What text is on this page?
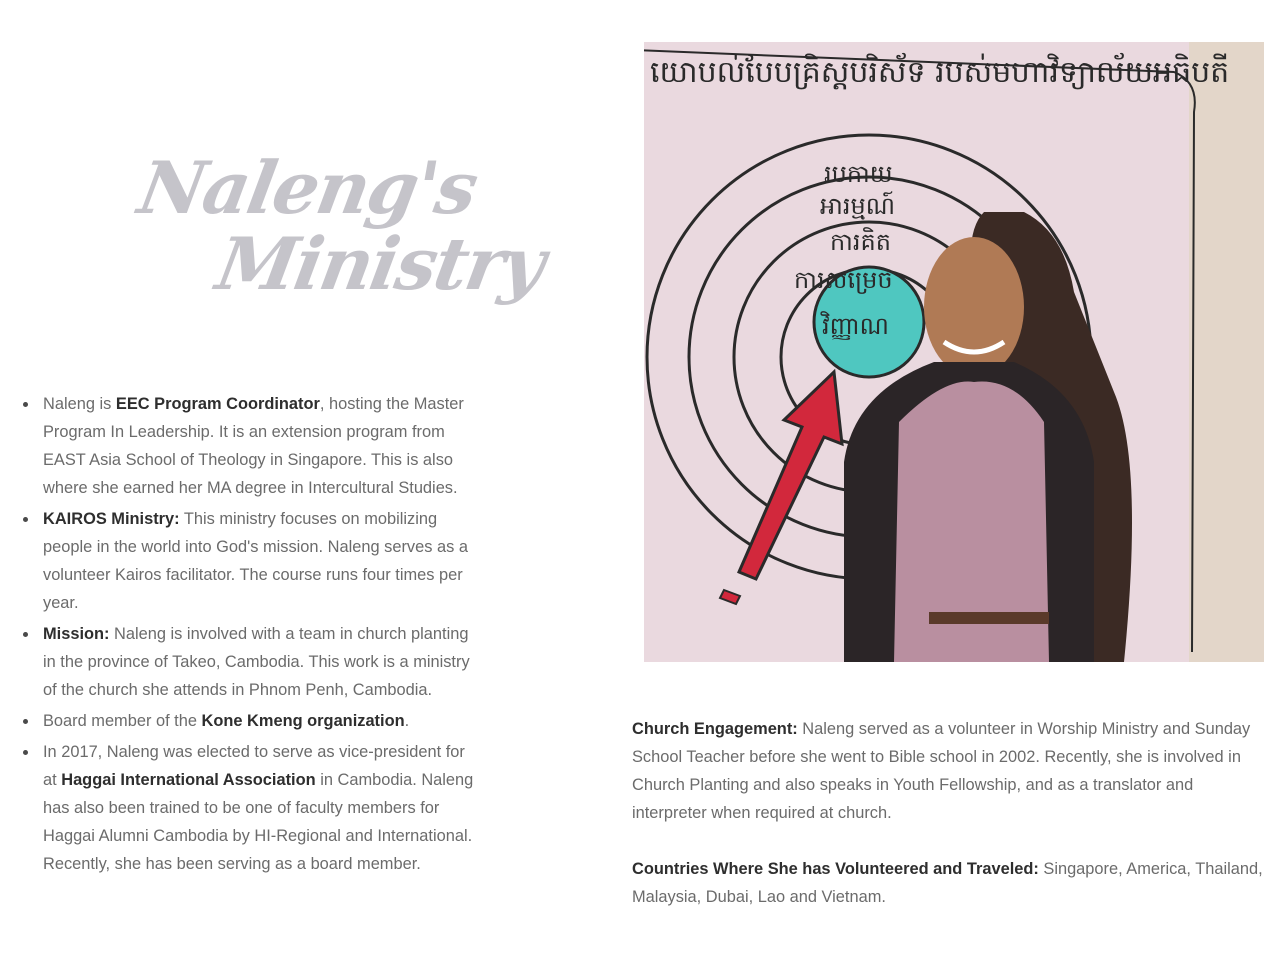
Naleng's
Ministry
Naleng is EEC Program Coordinator, hosting the Master Program In Leadership. It is an extension program from EAST Asia School of Theology in Singapore. This is also where she earned her MA degree in Intercultural Studies.
KAIROS Ministry: This ministry focuses on mobilizing people in the world into God's mission. Naleng serves as a volunteer Kairos facilitator. The course runs four times per year.
Mission: Naleng is involved with a team in church planting in the province of Takeo, Cambodia. This work is a ministry of the church she attends in Phnom Penh, Cambodia.
Board member of the Kone Kmeng organization.
In 2017, Naleng was elected to serve as vice-president for at Haggai International Association in Cambodia. Naleng has also been trained to be one of faculty members for Haggai Alumni Cambodia by HI-Regional and International. Recently, she has been serving as a board member.
យោបល់បែបគ្រិស្តបរិស័ទ របស់មហាវិទ្យាល័យអធិបតី
របកាយ
អារម្មណ៍
ការគិត
ការសម្រេច
វិញ្ញាណ

Church Engagement: Naleng served as a volunteer in Worship Ministry and Sunday School Teacher before she went to Bible school in 2002. Recently, she is involved in Church Planting and also speaks in Youth Fellowship, and as a translator and interpreter when required at church.

Countries Where She has Volunteered and Traveled: Singapore, America, Thailand, Malaysia, Dubai, Lao and Vietnam.
